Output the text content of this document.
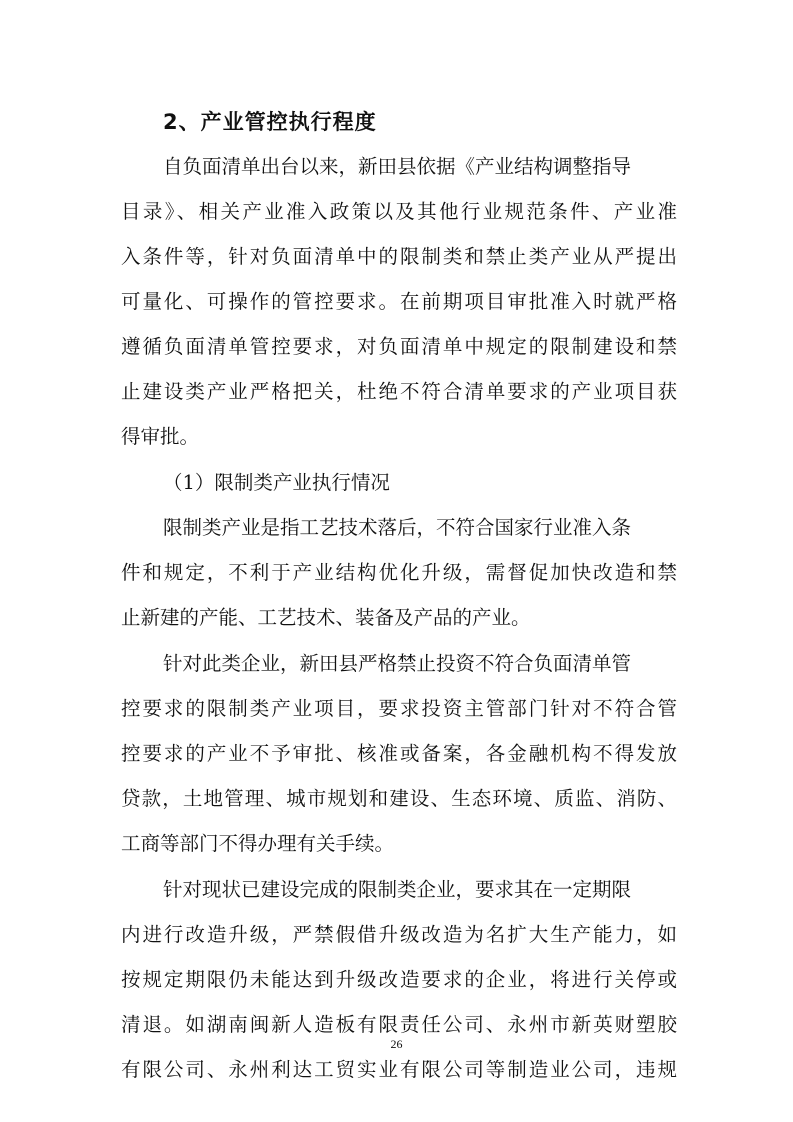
2、产业管控执行程度
自负面清单出台以来，新田县依据《产业结构调整指导
目录》、相关产业准入政策以及其他行业规范条件、产业准
入条件等，针对负面清单中的限制类和禁止类产业从严提出
可量化、可操作的管控要求。在前期项目审批准入时就严格
遵循负面清单管控要求，对负面清单中规定的限制建设和禁
止建设类产业严格把关，杜绝不符合清单要求的产业项目获
得审批。
（1）限制类产业执行情况
限制类产业是指工艺技术落后，不符合国家行业准入条
件和规定，不利于产业结构优化升级，需督促加快改造和禁
止新建的产能、工艺技术、装备及产品的产业。
针对此类企业，新田县严格禁止投资不符合负面清单管
控要求的限制类产业项目，要求投资主管部门针对不符合管
控要求的产业不予审批、核准或备案，各金融机构不得发放
贷款，土地管理、城市规划和建设、生态环境、质监、消防、
工商等部门不得办理有关手续。
针对现状已建设完成的限制类企业，要求其在一定期限
内进行改造升级，严禁假借升级改造为名扩大生产能力，如
按规定期限仍未能达到升级改造要求的企业，将进行关停或
清退。如湖南闽新人造板有限责任公司、永州市新英财塑胶
有限公司、永州利达工贸实业有限公司等制造业公司，违规
26
